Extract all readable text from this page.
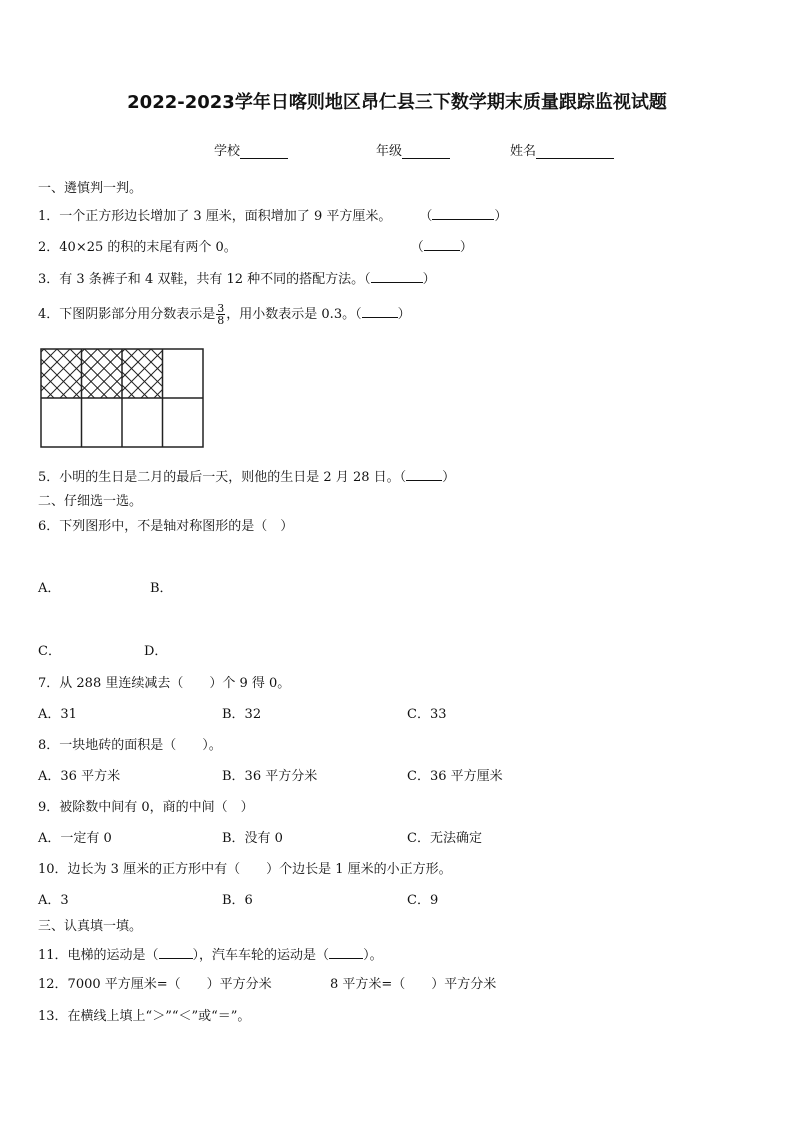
2022-2023学年日喀则地区昂仁县三下数学期末质量跟踪监视试题
学校	年级	姓名
一、遴慎判一判。
1．一个正方形边长增加了 3 厘米，面积增加了 9 平方厘米。 （	）
2．40×25 的积的末尾有两个 0。	（	）
3．有 3 条裤子和 4 双鞋，共有 12 种不同的搭配方法。（	）
4．下图阴影部分用分数表示是 $\frac{3}{8}$ ，用小数表示是 0.3。（	）
5．小明的生日是二月的最后一天，则他的生日是 2 月 28 日。（	）
二、仔细选一选。
6．下列图形中，不是轴对称图形的是（　）
A．	B．
C．	D．
7．从 288 里连续减去（　　）个 9 得 0。
A．31	B．32	C．33
8．一块地砖的面积是（　　）。
A．36 平方米	B．36 平方分米	C．36 平方厘米
9．被除数中间有 0，商的中间（　）
A．一定有 0	B．没有 0	C．无法确定
10．边长为 3 厘米的正方形中有（　　）个边长是 1 厘米的小正方形。
A．3	B．6	C．9
三、认真填一填。
11．电梯的运动是（	），汽车车轮的运动是（	）。
12．7000 平方厘米=（　　）平方分米	8 平方米=（　　）平方分米
13．在横线上填上“＞”“＜”或“＝”。
